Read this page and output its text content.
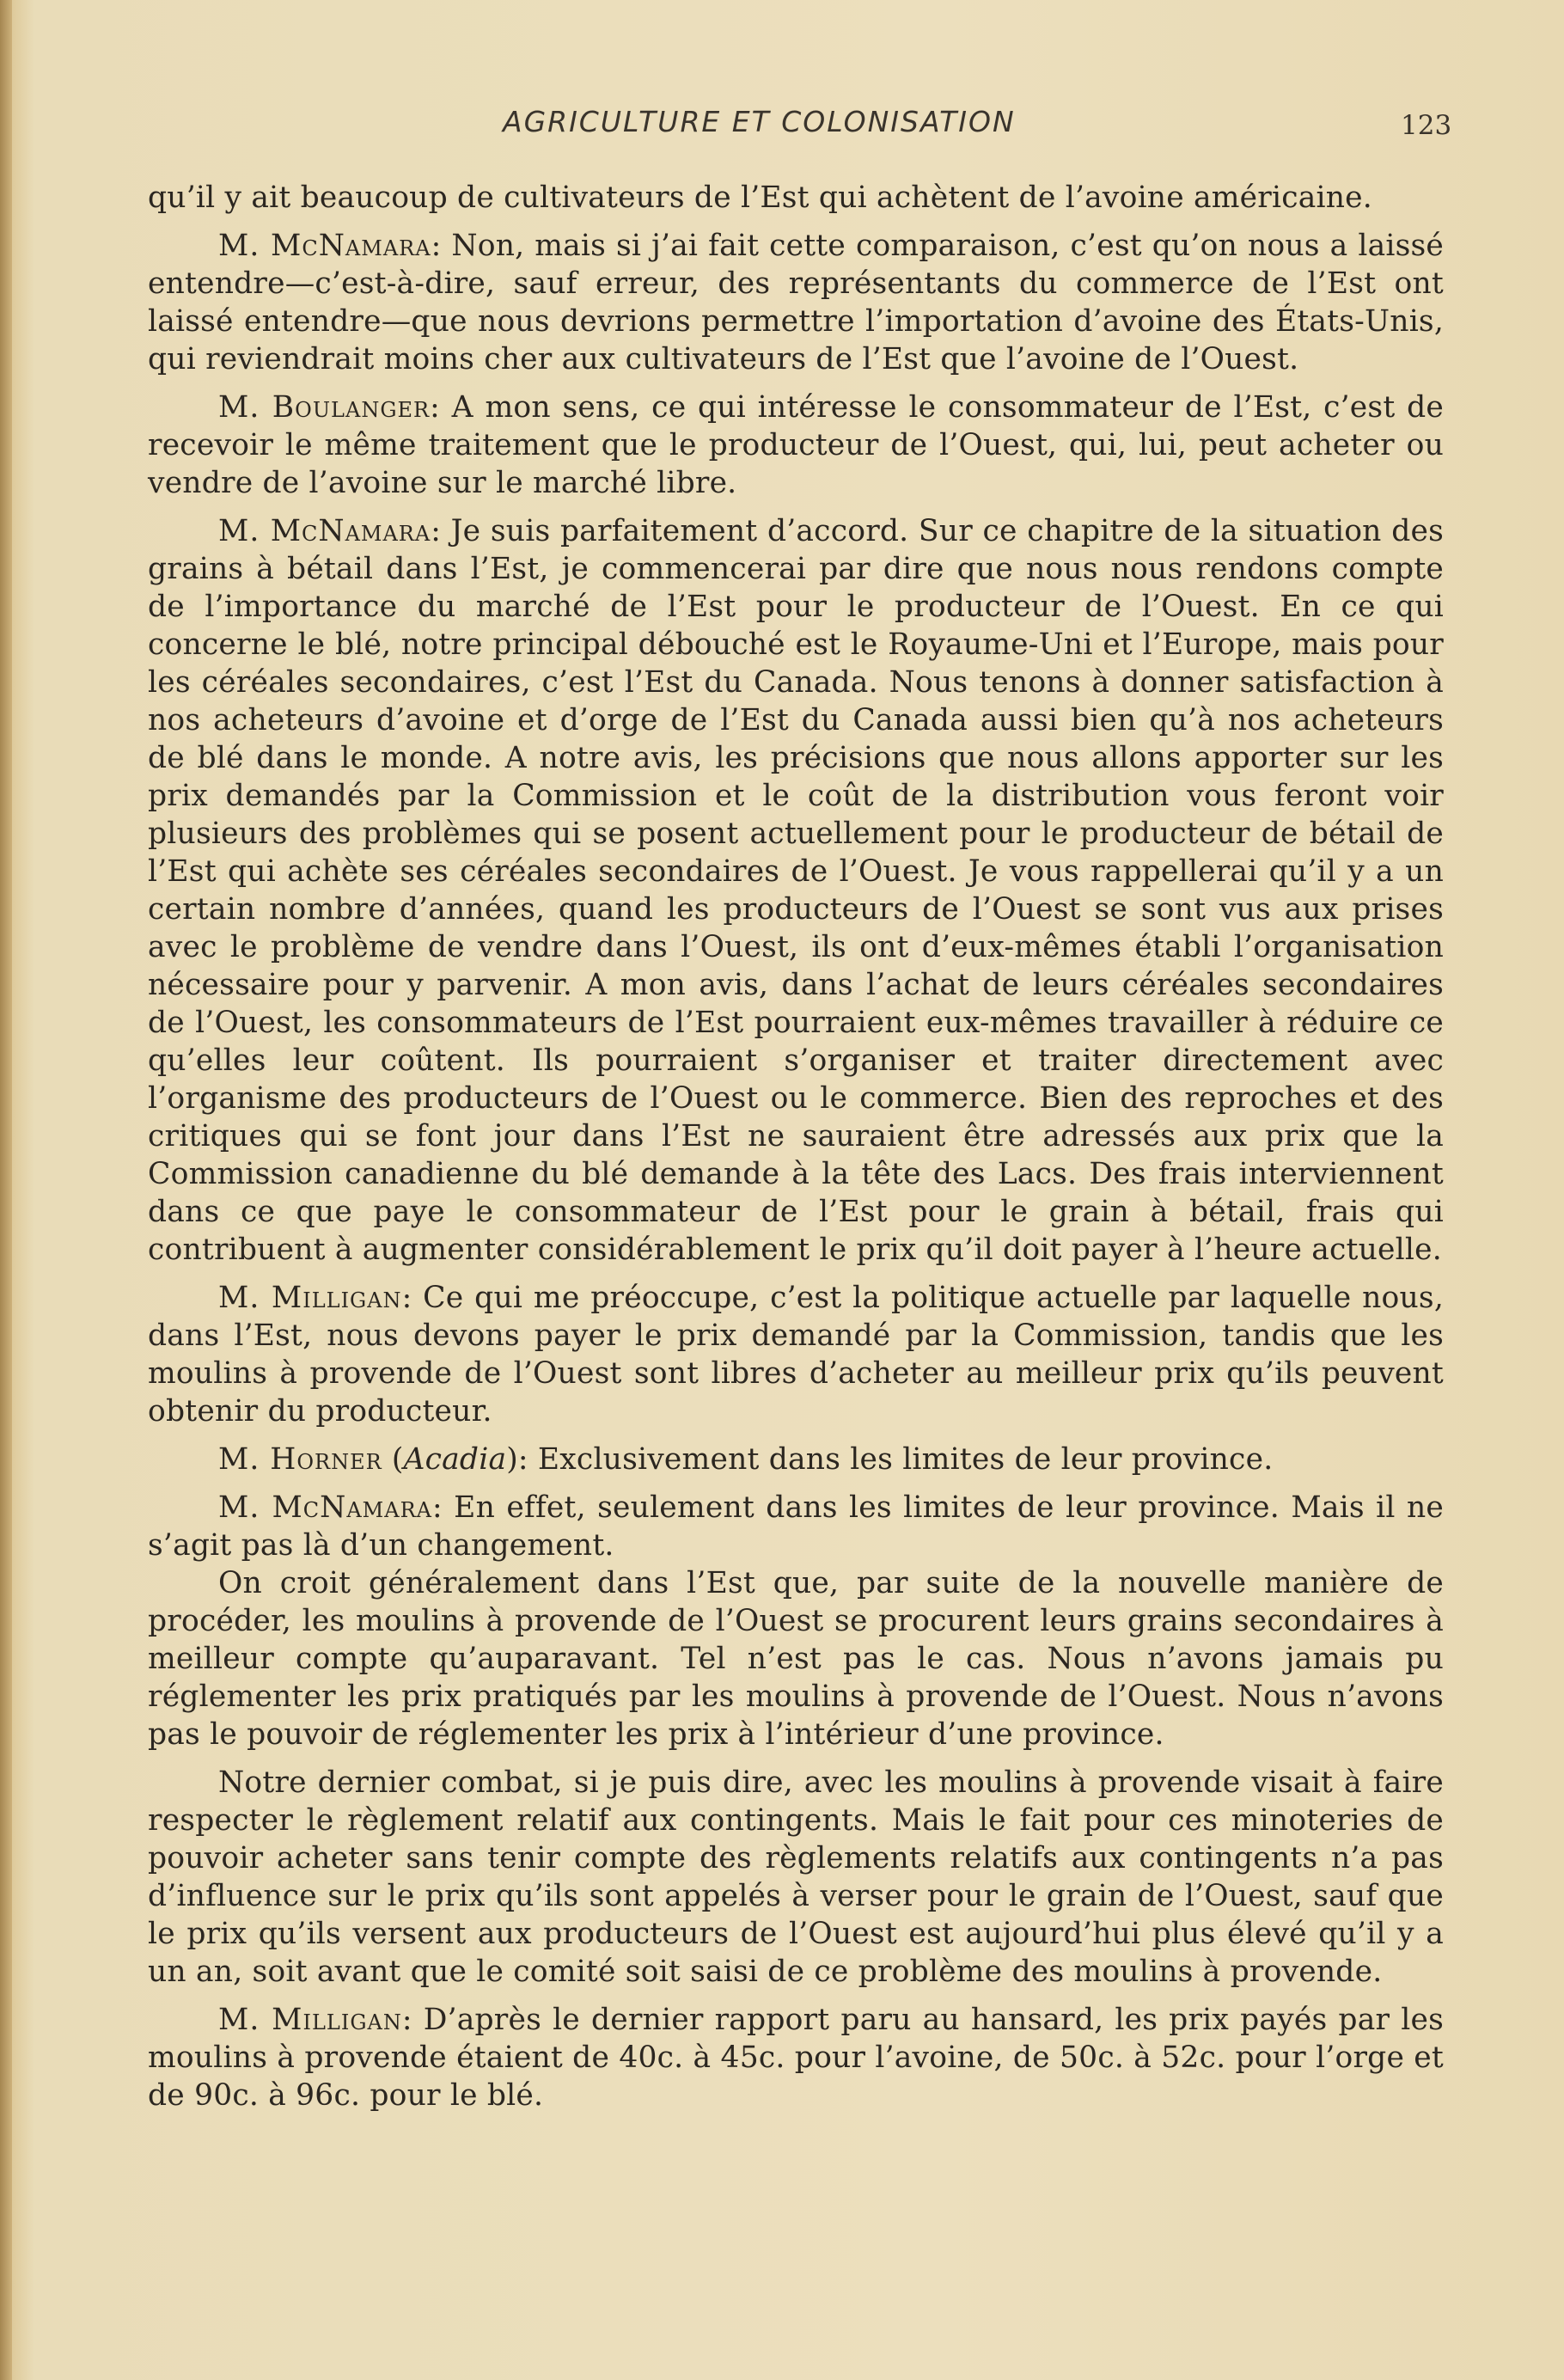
AGRICULTURE ET COLONISATION	123

qu’il y ait beaucoup de cultivateurs de l’Est qui achètent de l’avoine américaine.

M. McNamara: Non, mais si j’ai fait cette comparaison, c’est qu’on nous a laissé entendre—c’est-à-dire, sauf erreur, des représentants du commerce de l’Est ont laissé entendre—que nous devrions permettre l’importation d’avoine des États-Unis, qui reviendrait moins cher aux cultivateurs de l’Est que l’avoine de l’Ouest.

M. Boulanger: A mon sens, ce qui intéresse le consommateur de l’Est, c’est de recevoir le même traitement que le producteur de l’Ouest, qui, lui, peut acheter ou vendre de l’avoine sur le marché libre.

M. McNamara: Je suis parfaitement d’accord. Sur ce chapitre de la situation des grains à bétail dans l’Est, je commencerai par dire que nous nous rendons compte de l’importance du marché de l’Est pour le producteur de l’Ouest. En ce qui concerne le blé, notre principal débouché est le Royaume-Uni et l’Europe, mais pour les céréales secondaires, c’est l’Est du Canada. Nous tenons à donner satisfaction à nos acheteurs d’avoine et d’orge de l’Est du Canada aussi bien qu’à nos acheteurs de blé dans le monde. A notre avis, les précisions que nous allons apporter sur les prix demandés par la Commission et le coût de la distribution vous feront voir plusieurs des problèmes qui se posent actuellement pour le producteur de bétail de l’Est qui achète ses céréales secondaires de l’Ouest. Je vous rappellerai qu’il y a un certain nombre d’années, quand les producteurs de l’Ouest se sont vus aux prises avec le problème de vendre dans l’Ouest, ils ont d’eux-mêmes établi l’organisation nécessaire pour y parvenir. A mon avis, dans l’achat de leurs céréales secondaires de l’Ouest, les consommateurs de l’Est pourraient eux-mêmes travailler à réduire ce qu’elles leur coûtent. Ils pourraient s’organiser et traiter directement avec l’organisme des producteurs de l’Ouest ou le commerce. Bien des reproches et des critiques qui se font jour dans l’Est ne sauraient être adressés aux prix que la Commission canadienne du blé demande à la tête des Lacs. Des frais interviennent dans ce que paye le consommateur de l’Est pour le grain à bétail, frais qui contribuent à augmenter considérablement le prix qu’il doit payer à l’heure actuelle.

M. Milligan: Ce qui me préoccupe, c’est la politique actuelle par laquelle nous, dans l’Est, nous devons payer le prix demandé par la Commission, tandis que les moulins à provende de l’Ouest sont libres d’acheter au meilleur prix qu’ils peuvent obtenir du producteur.

M. Horner (Acadia): Exclusivement dans les limites de leur province.

M. McNamara: En effet, seulement dans les limites de leur province. Mais il ne s’agit pas là d’un changement.

On croit généralement dans l’Est que, par suite de la nouvelle manière de procéder, les moulins à provende de l’Ouest se procurent leurs grains secondaires à meilleur compte qu’auparavant. Tel n’est pas le cas. Nous n’avons jamais pu réglementer les prix pratiqués par les moulins à provende de l’Ouest. Nous n’avons pas le pouvoir de réglementer les prix à l’intérieur d’une province.

Notre dernier combat, si je puis dire, avec les moulins à provende visait à faire respecter le règlement relatif aux contingents. Mais le fait pour ces minoteries de pouvoir acheter sans tenir compte des règlements relatifs aux contingents n’a pas d’influence sur le prix qu’ils sont appelés à verser pour le grain de l’Ouest, sauf que le prix qu’ils versent aux producteurs de l’Ouest est aujourd’hui plus élevé qu’il y a un an, soit avant que le comité soit saisi de ce problème des moulins à provende.

M. Milligan: D’après le dernier rapport paru au hansard, les prix payés par les moulins à provende étaient de 40c. à 45c. pour l’avoine, de 50c. à 52c. pour l’orge et de 90c. à 96c. pour le blé.
